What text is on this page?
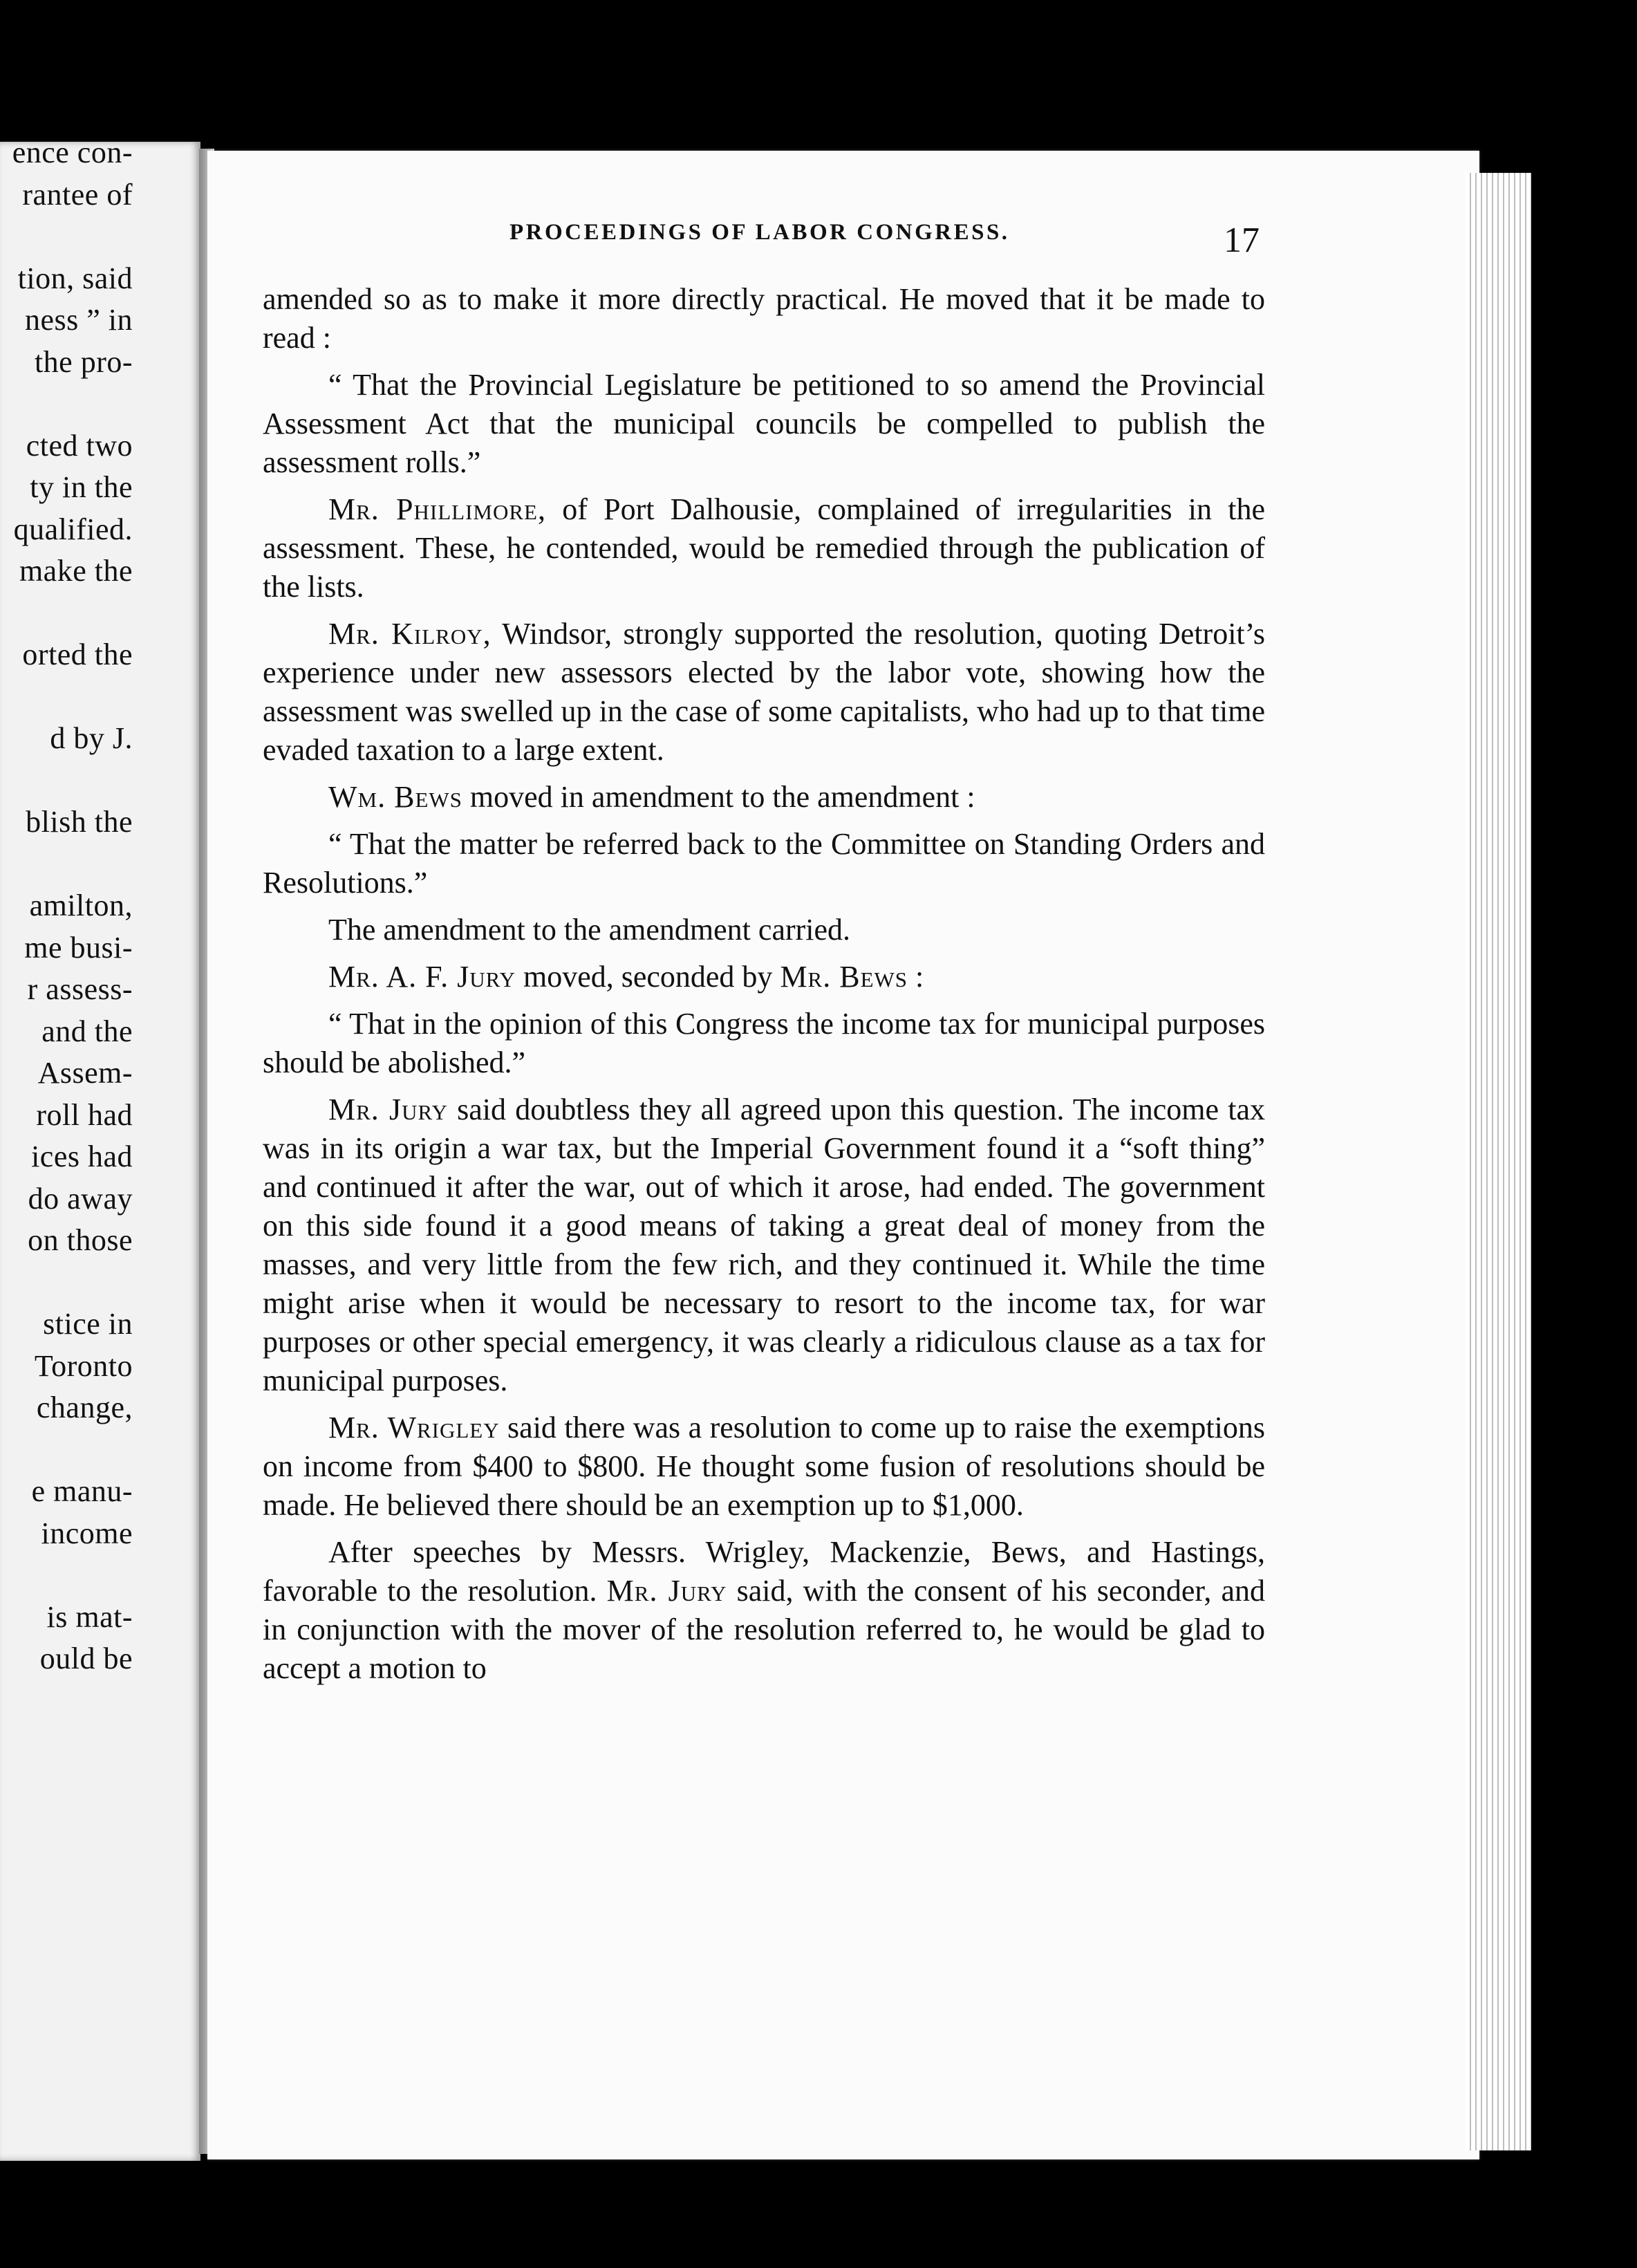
ence con-
rantee of
tion, said
ness ” in
the pro-
cted two
ty in the
qualified.
make the
orted the
d by J.
blish the
amilton,
me busi-
r assess-
and the
Assem-
roll had
ices had
do away
on those
stice in
Toronto
change,
e manu-
income
is mat-
ould be
PROCEEDINGS OF LABOR CONGRESS.	17

amended so as to make it more directly practical. He moved that it be made to read :

“ That the Provincial Legislature be petitioned to so amend the Provincial Assessment Act that the municipal councils be compelled to publish the assessment rolls.”

Mr. Phillimore, of Port Dalhousie, complained of irregularities in the assessment. These, he contended, would be remedied through the publication of the lists.

Mr. Kilroy, Windsor, strongly supported the resolution, quoting Detroit’s experience under new assessors elected by the labor vote, showing how the assessment was swelled up in the case of some capitalists, who had up to that time evaded taxation to a large extent.

Wm. Bews moved in amendment to the amendment :

“ That the matter be referred back to the Committee on Standing Orders and Resolutions.”

The amendment to the amendment carried.

Mr. A. F. Jury moved, seconded by Mr. Bews :

“ That in the opinion of this Congress the income tax for municipal purposes should be abolished.”

Mr. Jury said doubtless they all agreed upon this question. The income tax was in its origin a war tax, but the Imperial Government found it a “soft thing” and continued it after the war, out of which it arose, had ended. The government on this side found it a good means of taking a great deal of money from the masses, and very little from the few rich, and they continued it. While the time might arise when it would be necessary to resort to the income tax, for war purposes or other special emergency, it was clearly a ridiculous clause as a tax for municipal purposes.

Mr. Wrigley said there was a resolution to come up to raise the exemptions on income from $400 to $800. He thought some fusion of resolutions should be made. He believed there should be an exemption up to $1,000.

After speeches by Messrs. Wrigley, Mackenzie, Bews, and Hastings, favorable to the resolution. Mr. Jury said, with the consent of his seconder, and in conjunction with the mover of the resolution referred to, he would be glad to accept a motion to
